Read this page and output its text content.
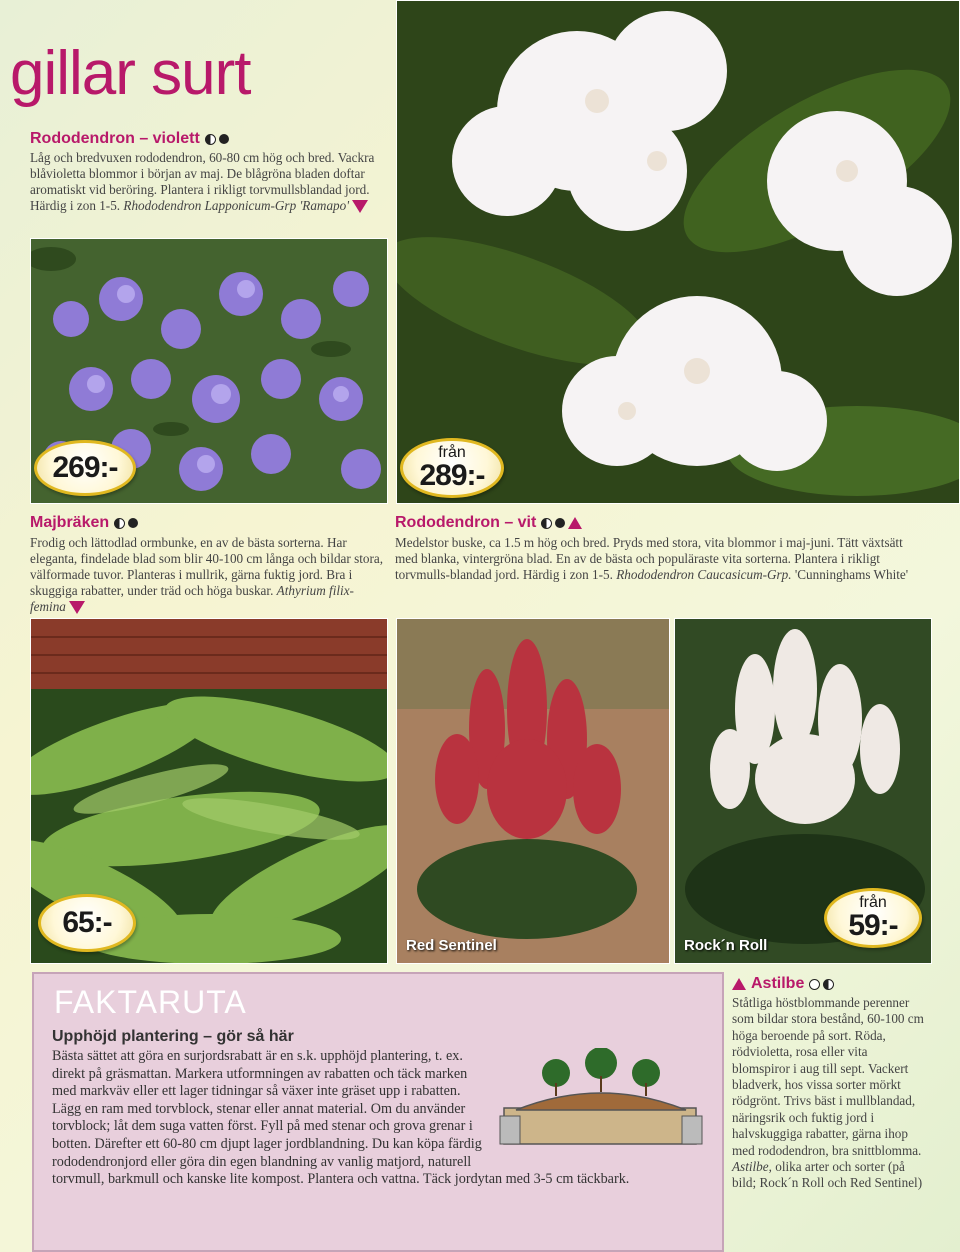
gillar surt
Rododendron – violett
Låg och bredvuxen rododendron, 60-80 cm hög och bred. Vackra blåvioletta blommor i början av maj. De blågröna bladen doftar aromatiskt vid beröring. Plantera i rikligt torvmullsblandad jord. Härdig i zon 1-5. Rhododendron Lapponicum-Grp 'Ramapo'
269:-	från
289:-
Majbräken
Frodig och lättodlad ormbunke, en av de bästa sorterna. Har eleganta, findelade blad som blir 40-100 cm långa och bildar stora, välformade tuvor. Planteras i mullrik, gärna fuktig jord. Bra i skuggiga rabatter, under träd och höga buskar. Athyrium filix-femina
Rododendron – vit
Medelstor buske, ca 1.5 m hög och bred. Pryds med stora, vita blommor i maj-juni. Tätt växtsätt med blanka, vintergröna blad. En av de bästa och populäraste vita sorterna. Plantera i rikligt torvmulls-blandad jord. Härdig i zon 1-5. Rhododendron Caucasicum-Grp. 'Cunninghams White'
65:-
Red Sentinel	Rock´n Roll
från
59:-
FAKTARUTA
Upphöjd plantering – gör så här
Bästa sättet att göra en surjordsrabatt är en s.k. upphöjd plantering, t. ex. direkt på gräsmattan. Markera utformningen av rabatten och täck marken med markväv eller ett lager tidningar så växer inte gräset upp i rabatten. Lägg en ram med torvblock, stenar eller annat material. Om du använder torvblock; låt dem suga vatten först. Fyll på med stenar och grova grenar i botten. Därefter ett 60-80 cm djupt lager jordblandning. Du kan köpa färdig rododendronjord eller göra din egen blandning av vanlig matjord, naturell torvmull, barkmull och kanske lite kompost. Plantera och vattna. Täck jordytan med 3-5 cm täckbark.
Astilbe
Ståtliga höstblommande perenner som bildar stora bestånd, 60-100 cm höga beroende på sort. Röda, rödvioletta, rosa eller vita blomspiror i aug till sept. Vackert bladverk, hos vissa sorter mörkt rödgrönt. Trivs bäst i mullblandad, näringsrik och fuktig jord i halvskuggiga rabatter, gärna ihop med rododendron, bra snittblomma. Astilbe, olika arter och sorter (på bild; Rock´n Roll och Red Sentinel)
